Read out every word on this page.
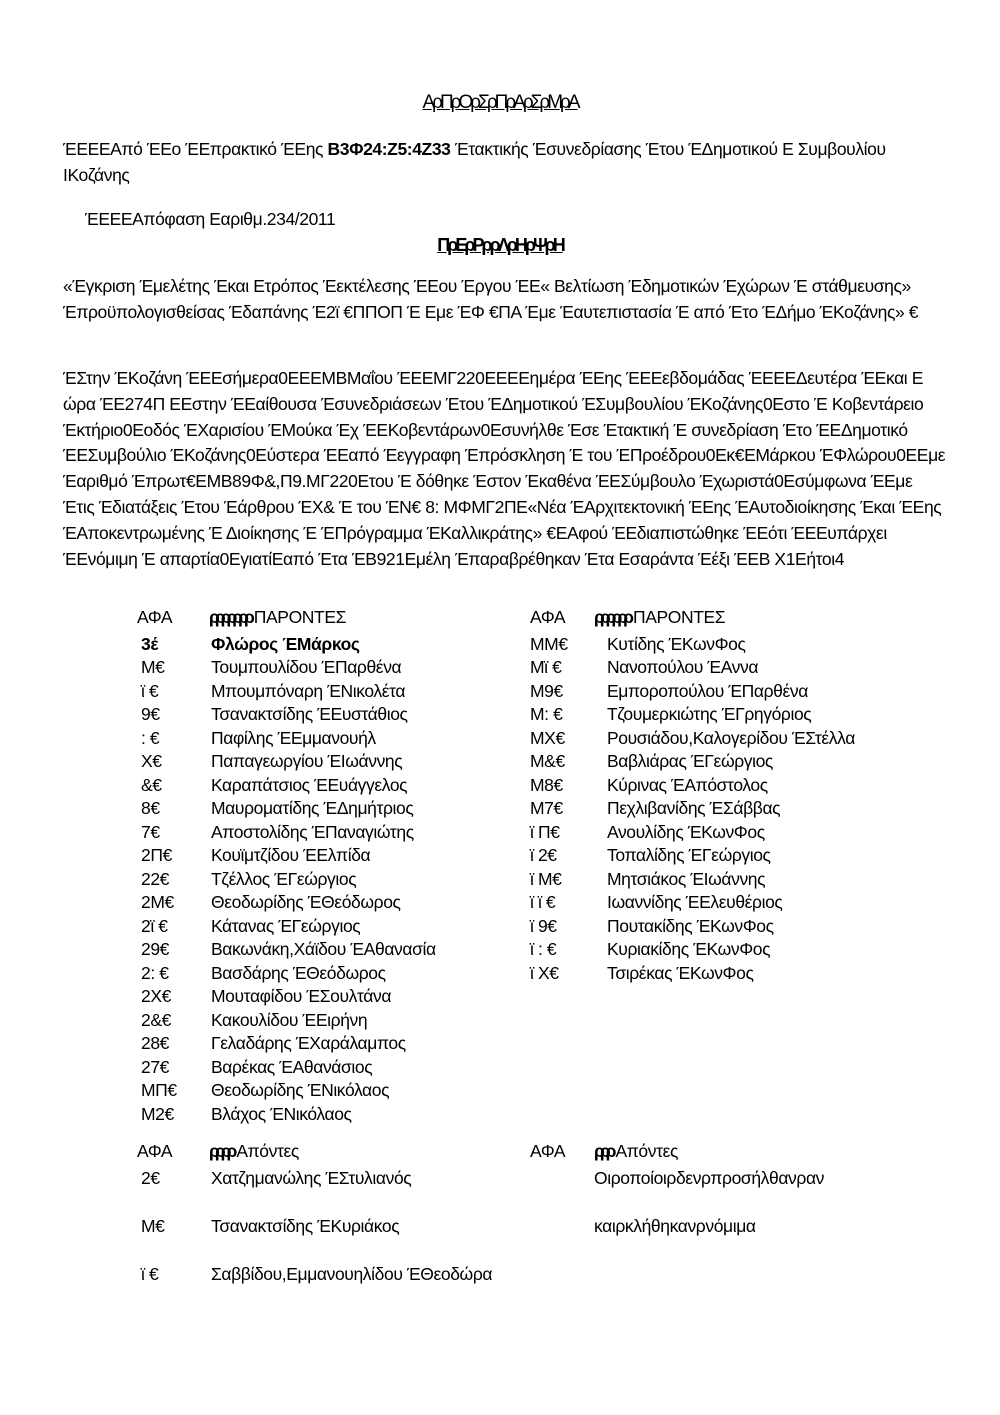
ΑρΠρΟρΣρΠρΑρΣρΜρΑ

ΈΕΕΕΑπό ΈΕο ΈΕπρακτικό ΈΕης Β3Φ24:Ζ5:4Ζ33 Έτακτικής Έσυνεδρίασης Έτου ΈΔημοτικού Ε Συμβουλίου ΙΚοζάνης

ΈΕΕΕΑπόφαση Εαριθμ.234/2011

ΠρΕρΡρρΛρΗρΨρΗ

«Έγκριση Έμελέτης Έκαι Ετρόπος Έεκτέλεσης ΈΕου Έργου ΈΕ« Βελτίωση Έδημοτικών Έχώρων Έ στάθμευσης» Έπροϋπολογισθείσας Έδαπάνης Έ2ϊ €ΠΠΟΠ Έ Εμε ΈΦ €ΠΑ Έμε Έαυτεπιστασία Έ από Έτο ΈΔήμο ΈΚοζάνης» €

ΈΣτην ΈΚοζάνη ΈΕΕσήμερα0ΕΕΕΜΒΜαΐου ΈΕΕΜΓ220ΕΕΕΕημέρα ΈΕης ΈΕΕεβδομάδας ΈΕΕΕΔευτέρα ΈΕκαι Ε ώρα ΈΕ274Π ΕΕστην ΈΕαίθουσα Έσυνεδριάσεων Έτου ΈΔημοτικού ΈΣυμβουλίου ΈΚοζάνης0Εστο Έ Κοβεντάρειο Έκτήριο0Εοδός ΈΧαρισίου ΈΜούκα Έχ ΈΕΚοβεντάρων0Εσυνήλθε Έσε Έτακτική Έ συνεδρίαση Έτο ΈΕΔημοτικό ΈΕΣυμβούλιο ΈΚοζάνης0Εύστερα ΈΕαπό Έεγγραφη Έπρόσκληση Έ του ΈΠροέδρου0Εκ€ΕΜάρκου ΈΦλώρου0ΕΕμε Έαριθμό Έπρωτ€ΕΜΒ89Φ&,Π9.ΜΓ220Ετου Έ δόθηκε Έστον Έκαθένα ΈΕΣύμβουλο Έχωριστά0Εσύμφωνα ΈΕμε Έτις Έδιατάξεις Έτου Έάρθρου ΈΧ& Έ του ΈΝ€ 8: ΜΦΜΓ2ΠΕ«Νέα ΈΑρχιτεκτονική ΈΕης ΈΑυτοδιοίκησης Έκαι ΈΕης ΈΑποκεντρωμένης Έ Διοίκησης Έ ΈΠρόγραμμα ΈΚαλλικράτης» €ΕΑφού ΈΕδιαπιστώθηκε ΈΕότι ΈΕΕυπάρχει ΈΕνόμιμη Έ απαρτία0ΕγιατίΕαπό Έτα ΈΒ921Εμέλη Έπαραβρέθηκαν Έτα Εσαράντα Έέξι ΈΕΒ Χ1Εήτοι4

ΑΦΑ	ρρρρρρρ ΠΑΡΟΝΤΕΣ
3έ	Φλώρος ΈΜάρκος
Μ€	Τουμπουλίδου ΈΠαρθένα
ϊ €	Μπουμπόναρη ΈΝικολέτα
9€	Τσανακτσίδης ΈΕυστάθιος
: €	Παφίλης ΈΕμμανουήλ
Χ€	Παπαγεωργίου ΈΙωάννης
&€	Καραπάτσιος ΈΕυάγγελος
8€	Μαυροματίδης ΈΔημήτριος
7€	Αποστολίδης ΈΠαναγιώτης
2Π€	Κουϊμτζίδου ΈΕλπίδα
22€	Τζέλλος ΈΓεώργιος
2Μ€	Θεοδωρίδης ΈΘεόδωρος
2ϊ €	Κάτανας ΈΓεώργιος
29€	Βακωνάκη,Χάϊδου ΈΑθανασία
2: €	Βασδάρης ΈΘεόδωρος
2Χ€	Μουταφίδου ΈΣουλτάνα
2&€	Κακουλίδου ΈΕιρήνη
28€	Γελαδάρης ΈΧαράλαμπος
27€	Βαρέκας ΈΑθανάσιος
ΜΠ€	Θεοδωρίδης ΈΝικόλαος
Μ2€	Βλάχος ΈΝικόλαος
ΑΦΑ	ρρρρρρ ΠΑΡΟΝΤΕΣ
ΜΜ€	Κυτίδης ΈΚωνΦος
Μϊ €	Νανοπούλου ΈΑννα
Μ9€	Εμποροπούλου ΈΠαρθένα
Μ: €	Τζουμερκιώτης ΈΓρηγόριος
ΜΧ€	Ρουσιάδου,Καλογερίδου ΈΣτέλλα
Μ&€	Βαβλιάρας ΈΓεώργιος
Μ8€	Κύρινας ΈΑπόστολος
Μ7€	Πεχλιβανίδης ΈΣάββας
ϊ Π€	Ανουλίδης ΈΚωνΦος
ϊ 2€	Τοπαλίδης ΈΓεώργιος
ϊ Μ€	Μητσιάκος ΈΙωάννης
ϊ ϊ €	Ιωαννίδης ΈΕλευθέριος
ϊ 9€	Πουτακίδης ΈΚωνΦος
ϊ : €	Κυριακίδης ΈΚωνΦος
ϊ Χ€	Τσιρέκας ΈΚωνΦος
ΑΦΑ	ρρρρ Απόντες
2€	Χατζημανώλης ΈΣτυλιανός
Μ€	Τσανακτσίδης ΈΚυριάκος
ϊ €	Σαββίδου,Εμμανουηλίδου ΈΘεοδώρα
ΑΦΑ	ρρρ Απόντες
Οιροποίοιρδενρπροσήλθανραν
καιρκλήθηκανρνόμιμα
